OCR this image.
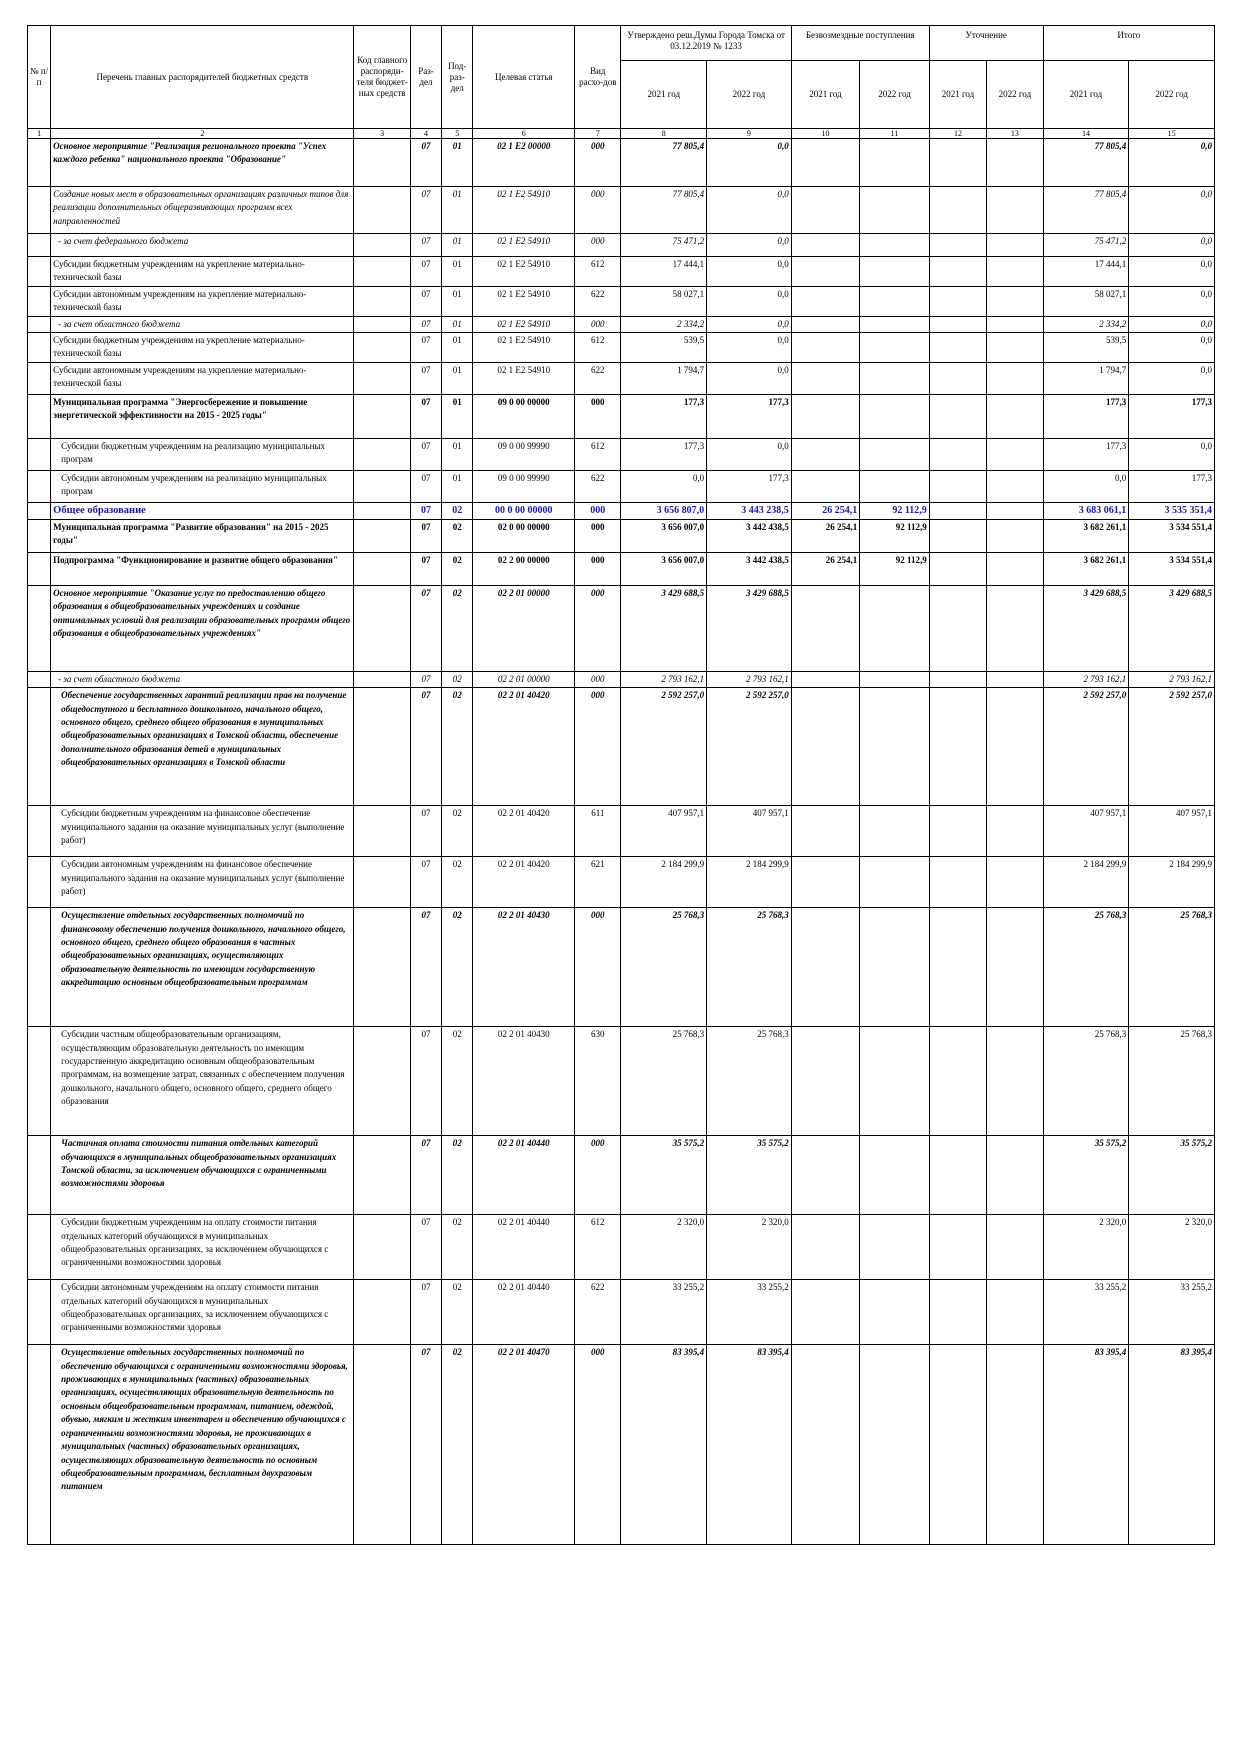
№ п/п	Перечень главных распорядителей бюджетных средств	Код главного распоряди-теля бюджет-ных средств	Раз-дел	Под-раз-дел	Целевая статья	Вид расхо-дов	Утверждено реш.Думы Города Томска от 03.12.2019 № 1233		Безвозмездные поступления		Уточнение		Итого	
							2021 год	2022 год	2021 год	2022 год	2021 год	2022 год	2021 год	2022 год
1	2	3	4	5	6	7	8	9	10	11	12	13	14	15
	Основное мероприятие "Реализация регионального проекта "Успех каждого ребенка" национального проекта "Образование"		07	01	02 1 E2 00000	000	77 805,4	0,0					77 805,4	0,0
	Создание новых мест в образовательных организациях различных типов для реализации дополнительных общеразвивающих программ всех направленностей		07	01	02 1 E2 54910	000	77 805,4	0,0					77 805,4	0,0
	- за счет федерального бюджета		07	01	02 1 E2 54910	000	75 471,2	0,0					75 471,2	0,0
	Субсидии бюджетным учреждениям на укрепление материально-технической базы		07	01	02 1 E2 54910	612	17 444,1	0,0					17 444,1	0,0
	Субсидии автономным учреждениям на укрепление материально-технической базы		07	01	02 1 E2 54910	622	58 027,1	0,0					58 027,1	0,0
	- за счет областного бюджета		07	01	02 1 E2 54910	000	2 334,2	0,0					2 334,2	0,0
	Субсидии бюджетным учреждениям на укрепление материально-технической базы		07	01	02 1 E2 54910	612	539,5	0,0					539,5	0,0
	Субсидии автономным учреждениям на укрепление материально-технической базы		07	01	02 1 E2 54910	622	1 794,7	0,0					1 794,7	0,0
	Муниципальная программа "Энергосбережение и повышение энергетической эффективности на 2015 - 2025 годы"		07	01	09 0 00 00000	000	177,3	177,3					177,3	177,3
	Субсидии бюджетным учреждениям на реализацию муниципальных програм		07	01	09 0 00 99990	612	177,3	0,0					177,3	0,0
	Субсидии автономным учреждениям на реализацию муниципальных програм		07	01	09 0 00 99990	622	0,0	177,3					0,0	177,3
	Общее образование		07	02	00 0 00 00000	000	3 656 807,0	3 443 238,5	26 254,1	92 112,9			3 683 061,1	3 535 351,4
	Муниципальная программа "Развитие образования" на 2015 - 2025 годы"		07	02	02 0 00 00000	000	3 656 007,0	3 442 438,5	26 254,1	92 112,9			3 682 261,1	3 534 551,4
	Подпрограмма "Функционирование и развитие общего образования"		07	02	02 2 00 00000	000	3 656 007,0	3 442 438,5	26 254,1	92 112,9			3 682 261,1	3 534 551,4
	Основное мероприятие "Оказание услуг по предоставлению общего образования в общеобразовательных учреждениях и создание оптимальных условий для реализации образовательных программ общего образования в общеобразовательных учреждениях"		07	02	02 2 01 00000	000	3 429 688,5	3 429 688,5					3 429 688,5	3 429 688,5
	- за счет областного бюджета		07	02	02 2 01 00000	000	2 793 162,1	2 793 162,1					2 793 162,1	2 793 162,1
	Обеспечение государственных гарантий реализации прав на получение общедоступного и бесплатного дошкольного, начального общего, основного общего, среднего общего образования в муниципальных общеобразовательных организациях в Томской области, обеспечение дополнительного образования детей в муниципальных общеобразовательных организациях в Томской области		07	02	02 2 01 40420	000	2 592 257,0	2 592 257,0					2 592 257,0	2 592 257,0
	Субсидии бюджетным учреждениям на финансовое обеспечение муниципального задания на оказание муниципальных услуг (выполнение работ)		07	02	02 2 01 40420	611	407 957,1	407 957,1					407 957,1	407 957,1
	Субсидии автономным учреждениям на финансовое обеспечение муниципального задания на оказание муниципальных услуг (выполнение работ)		07	02	02 2 01 40420	621	2 184 299,9	2 184 299,9					2 184 299,9	2 184 299,9
	Осуществление отдельных государственных полномочий по финансовому обеспечению получения дошкольного, начального общего, основного общего, среднего общего образования в частных общеобразовательных организациях, осуществляющих образовательную деятельность по имеющим государственную аккредитацию основным общеобразовательным программам		07	02	02 2 01 40430	000	25 768,3	25 768,3					25 768,3	25 768,3
	Субсидии частным общеобразовательным организациям, осуществляющим образовательную деятельность по имеющим государственную аккредитацию основным общеобразовательным программам, на возмещение затрат, связанных с обеспечением получения дошкольного, начального общего, основного общего, среднего общего образования		07	02	02 2 01 40430	630	25 768,3	25 768,3					25 768,3	25 768,3
	Частичная оплата стоимости питания отдельных категорий обучающихся в муниципальных общеобразовательных организациях Томской области, за исключением обучающихся с ограниченными возможностями здоровья		07	02	02 2 01 40440	000	35 575,2	35 575,2					35 575,2	35 575,2
	Субсидии бюджетным учреждениям на оплату стоимости питания отдельных категорий обучающихся в муниципальных общеобразовательных организациях, за исключением обучающихся с ограниченными возможностями здоровья		07	02	02 2 01 40440	612	2 320,0	2 320,0					2 320,0	2 320,0
	Субсидии автономным учреждениям на оплату стоимости питания отдельных категорий обучающихся в муниципальных общеобразовательных организациях, за исключением обучающихся с ограниченными возможностями здоровья		07	02	02 2 01 40440	622	33 255,2	33 255,2					33 255,2	33 255,2
	Осуществление отдельных государственных полномочий по обеспечению обучающихся с ограниченными возможностями здоровья, проживающих в муниципальных (частных) образовательных организациях, осуществляющих образовательную деятельность по основным общеобразовательным программам, питанием, одеждой, обувью, мягким и жестким инвентарем и обеспечению обучающихся с ограниченными возможностями здоровья, не проживающих в муниципальных (частных) образовательных организациях, осуществляющих образовательную деятельность по основным общеобразовательным программам, бесплатным двухразовым питанием		07	02	02 2 01 40470	000	83 395,4	83 395,4					83 395,4	83 395,4
